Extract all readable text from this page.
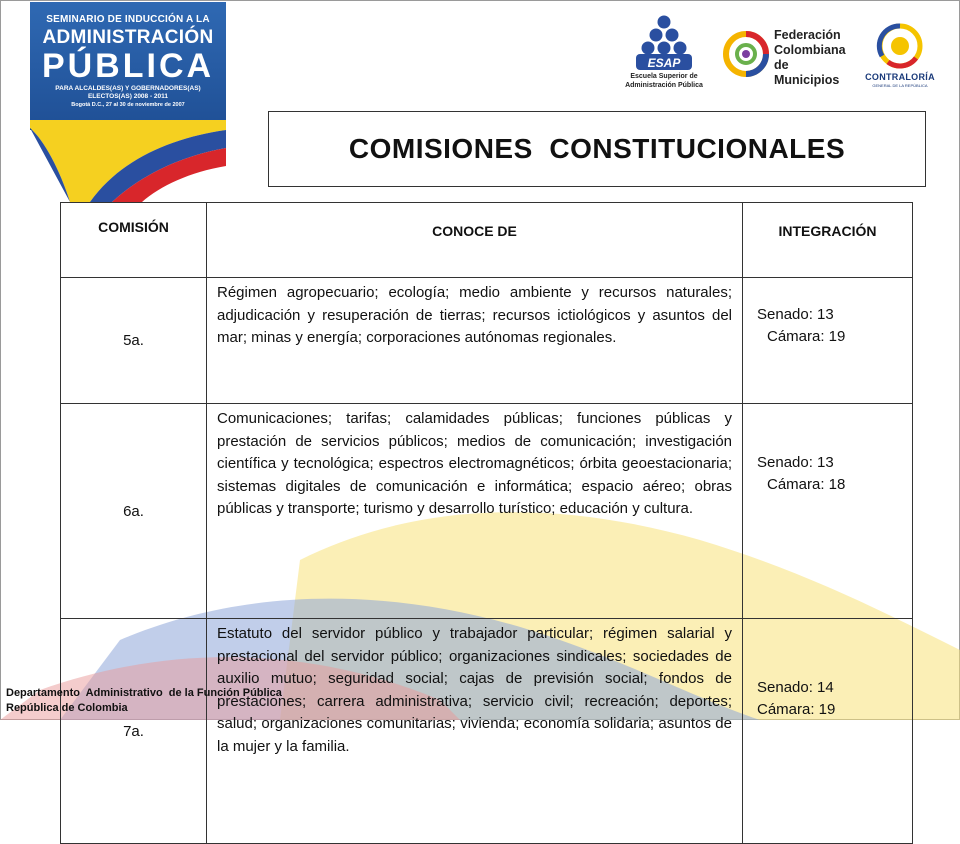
SEMINARIO DE INDUCCIÓN A LA
ADMINISTRACIÓN
PÚBLICA
PARA ALCALDES(AS) Y GOBERNADORES(AS)
ELECTOS(AS) 2008 - 2011
Bogotá D.C., 27 al 30 de noviembre de 2007
ESAP
Escuela Superior de
Administración Pública
Federación
Colombiana
de Municipios	CONTRALORÍA
GENERAL DE LA REPÚBLICA
COMISIONES  CONSTITUCIONALES
COMISIÓN	CONOCE DE	INTEGRACIÓN
5a.	Régimen agropecuario; ecología; medio ambiente y recursos naturales; adjudicación y resuperación de tierras; recursos ictiológicos y asuntos del mar; minas y energía; corporaciones autónomas regionales.	Senado: 13
Cámara: 19

6a.	Comunicaciones; tarifas; calamidades públicas; funciones públicas y prestación de servicios públicos; medios de comunicación; investigación científica y tecnológica; espectros electromagnéticos; órbita geoestacionaria; sistemas digitales de comunicación e informática; espacio aéreo; obras públicas y transporte; turismo y desarrollo turístico; educación y cultura.	Senado: 13
Cámara: 18

7a.	Estatuto del servidor público y trabajador particular; régimen salarial y prestacional del servidor público; organizaciones sindicales; sociedades de auxilio mutuo; seguridad social; cajas de previsión social; fondos de prestaciones; carrera administrativa; servicio civil; recreación; deportes; salud; organizaciones comunitarias; vivienda; economía solidaria; asuntos de la mujer y la familia.	Senado: 14
Cámara: 19
Departamento  Administrativo  de la Función Pública
República de Colombia
